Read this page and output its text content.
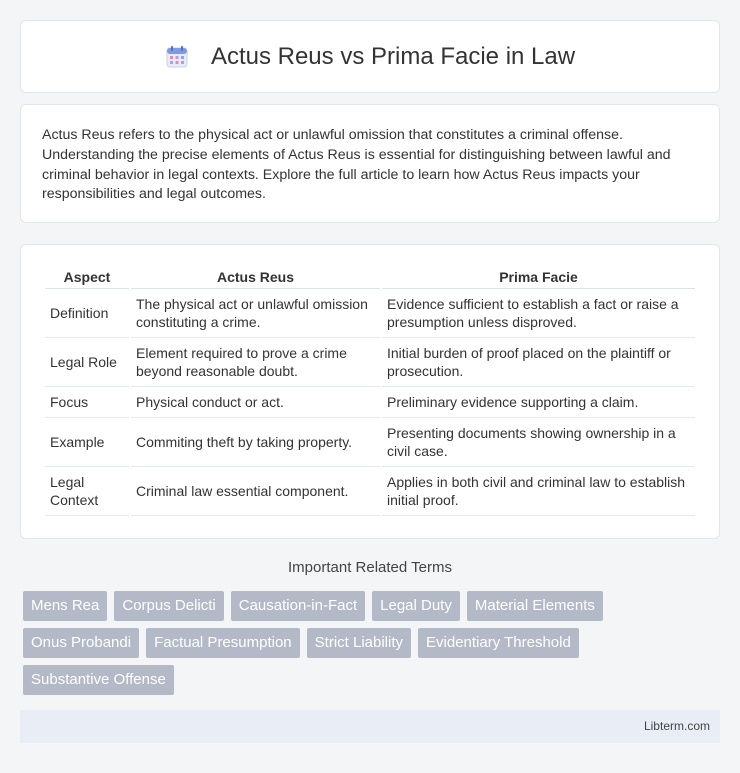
Actus Reus vs Prima Facie in Law

Actus Reus refers to the physical act or unlawful omission that constitutes a criminal offense. Understanding the precise elements of Actus Reus is essential for distinguishing between lawful and criminal behavior in legal contexts. Explore the full article to learn how Actus Reus impacts your responsibilities and legal outcomes.

Aspect	Actus Reus	Prima Facie
Definition	The physical act or unlawful omission constituting a crime.	Evidence sufficient to establish a fact or raise a presumption unless disproved.
Legal Role	Element required to prove a crime beyond reasonable doubt.	Initial burden of proof placed on the plaintiff or prosecution.
Focus	Physical conduct or act.	Preliminary evidence supporting a claim.
Example	Commiting theft by taking property.	Presenting documents showing ownership in a civil case.
Legal Context	Criminal law essential component.	Applies in both civil and criminal law to establish initial proof.
Important Related Terms
Mens Rea	Corpus Delicti	Causation-in-Fact	Legal Duty	Material Elements
Onus Probandi	Factual Presumption	Strict Liability	Evidentiary Threshold
Substantive Offense
Libterm.com
